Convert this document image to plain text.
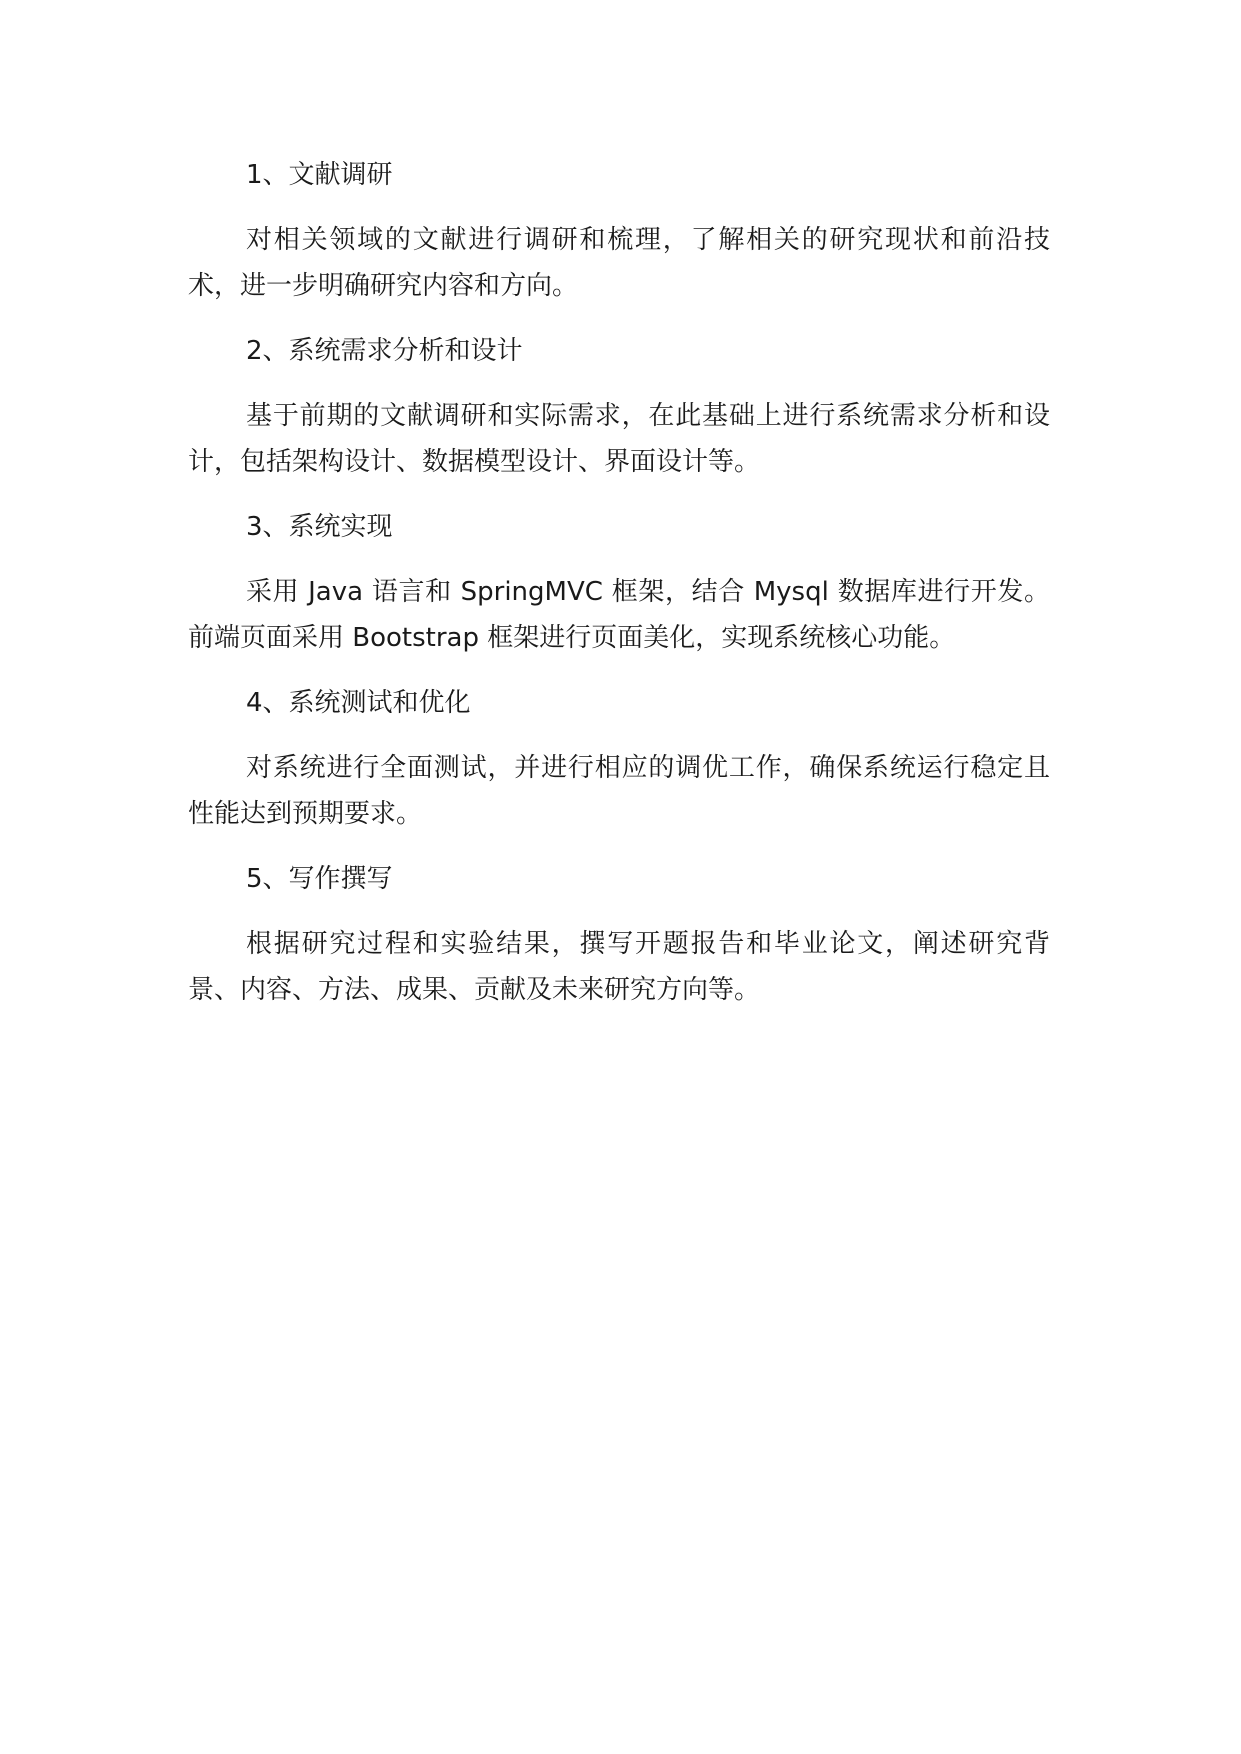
1、文献调研

对相关领域的文献进行调研和梳理，了解相关的研究现状和前沿技术，进一步明确研究内容和方向。

2、系统需求分析和设计

基于前期的文献调研和实际需求，在此基础上进行系统需求分析和设计，包括架构设计、数据模型设计、界面设计等。

3、系统实现

采用 Java 语言和 SpringMVC 框架，结合 Mysql 数据库进行开发。前端页面采用 Bootstrap 框架进行页面美化，实现系统核心功能。

4、系统测试和优化

对系统进行全面测试，并进行相应的调优工作，确保系统运行稳定且性能达到预期要求。

5、写作撰写

根据研究过程和实验结果，撰写开题报告和毕业论文，阐述研究背景、内容、方法、成果、贡献及未来研究方向等。
